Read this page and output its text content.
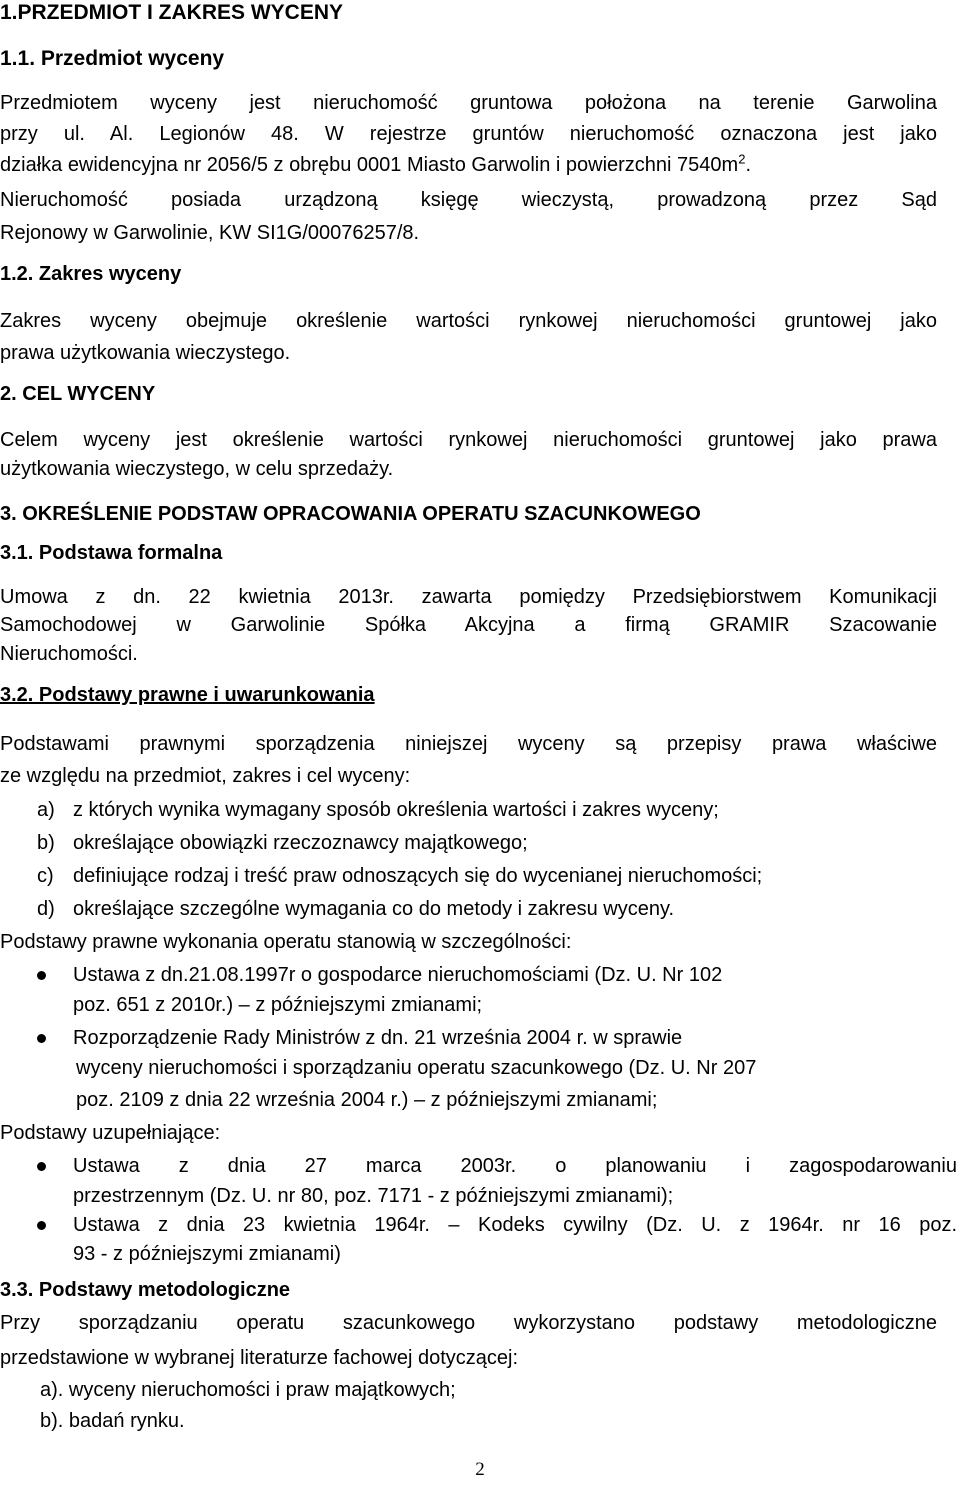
1.PRZEDMIOT I ZAKRES WYCENY
1.1. Przedmiot wyceny
Przedmiotem wyceny jest nieruchomość gruntowa położona na terenie Garwolina
przy ul. Al. Legionów 48. W rejestrze gruntów nieruchomość oznaczona jest jako
działka ewidencyjna nr 2056/5 z obrębu 0001 Miasto Garwolin i powierzchni $7540m^2$.
Nieruchomość posiada urządzoną księgę wieczystą, prowadzoną przez Sąd
Rejonowy w Garwolinie, KW SI1G/00076257/8.
1.2. Zakres wyceny
Zakres wyceny obejmuje określenie wartości rynkowej nieruchomości gruntowej jako
prawa użytkowania wieczystego.
2. CEL WYCENY
Celem wyceny jest określenie wartości rynkowej nieruchomości gruntowej jako prawa
użytkowania wieczystego, w celu sprzedaży.
3. OKREŚLENIE PODSTAW OPRACOWANIA OPERATU SZACUNKOWEGO
3.1. Podstawa formalna
Umowa z dn. 22 kwietnia 2013r. zawarta pomiędzy Przedsiębiorstwem Komunikacji
Samochodowej w Garwolinie Spółka Akcyjna a firmą GRAMIR Szacowanie
Nieruchomości.
3.2. Podstawy prawne i uwarunkowania
Podstawami prawnymi sporządzenia niniejszej wyceny są przepisy prawa właściwe
ze względu na przedmiot, zakres i cel wyceny:
a) z których wynika wymagany sposób określenia wartości i zakres wyceny;
b) określające obowiązki rzeczoznawcy majątkowego;
c) definiujące rodzaj i treść praw odnoszących się do wycenianej nieruchomości;
d) określające szczególne wymagania co do metody i zakresu wyceny.
Podstawy prawne wykonania operatu stanowią w szczególności:
Ustawa z dn.21.08.1997r o gospodarce nieruchomościami (Dz. U. Nr 102
poz. 651 z 2010r.) – z późniejszymi zmianami;
Rozporządzenie Rady Ministrów z dn. 21 września 2004 r. w sprawie
wyceny nieruchomości i sporządzaniu operatu szacunkowego (Dz. U. Nr 207
poz. 2109 z dnia 22 września 2004 r.) – z późniejszymi zmianami;
Podstawy uzupełniające:
Ustawa z dnia 27 marca 2003r. o planowaniu i zagospodarowaniu
przestrzennym (Dz. U. nr 80, poz. 7171 - z późniejszymi zmianami);
Ustawa z dnia 23 kwietnia 1964r. – Kodeks cywilny (Dz. U. z 1964r. nr 16 poz.
93 - z późniejszymi zmianami)
3.3. Podstawy metodologiczne
Przy sporządzaniu operatu szacunkowego wykorzystano podstawy metodologiczne
przedstawione w wybranej literaturze fachowej dotyczącej:
a). wyceny nieruchomości i praw majątkowych;
b). badań rynku.
2
